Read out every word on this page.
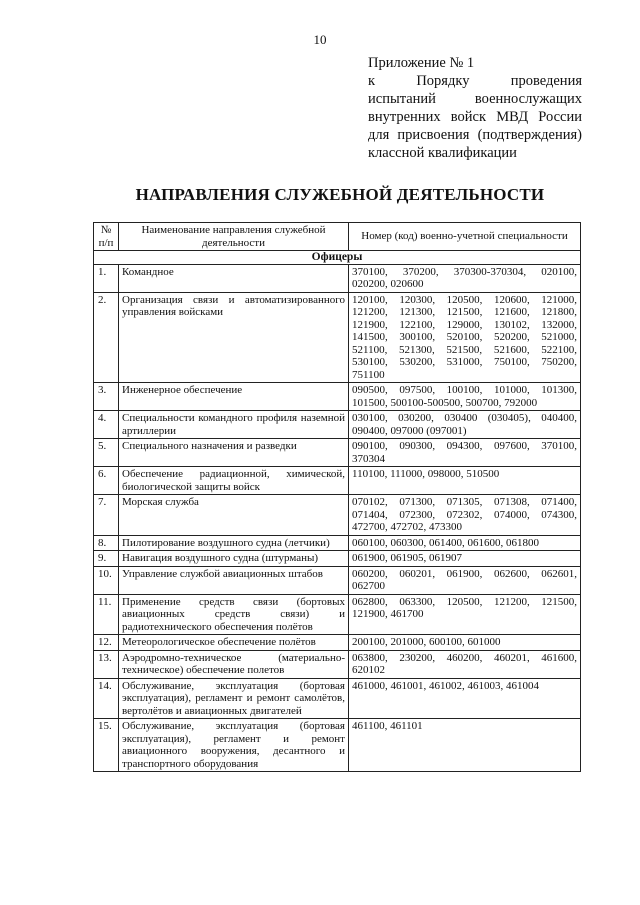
10
Приложение № 1
к Порядку проведения
испытаний военнослужащих
внутренних войск МВД России
для присвоения (подтверждения)
классной квалификации
НАПРАВЛЕНИЯ СЛУЖЕБНОЙ ДЕЯТЕЛЬНОСТИ
№ п/п	Наименование направления служебной деятельности	Номер (код) военно-учетной специальности
Офицеры		
1.	Командное	370100, 370200, 370300-370304, 020100, 020200, 020600
2.	Организация связи и автоматизированного управления войсками	120100, 120300, 120500, 120600, 121000, 121200, 121300, 121500, 121600, 121800, 121900, 122100, 129000, 130102, 132000, 141500, 300100, 520100, 520200, 521000, 521100, 521300, 521500, 521600, 522100, 530100, 530200, 531000, 750100, 750200, 751100
3.	Инженерное обеспечение	090500, 097500, 100100, 101000, 101300, 101500, 500100-500500, 500700, 792000
4.	Специальности командного профиля наземной артиллерии	030100, 030200, 030400 (030405), 040400, 090400, 097000 (097001)
5.	Специального назначения и разведки	090100, 090300, 094300, 097600, 370100, 370304
6.	Обеспечение радиационной, химической, биологической защиты войск	110100, 111000, 098000, 510500
7.	Морская служба	070102, 071300, 071305, 071308, 071400, 071404, 072300, 072302, 074000, 074300, 472700, 472702, 473300
8.	Пилотирование воздушного судна (летчики)	060100, 060300, 061400, 061600, 061800
9.	Навигация воздушного судна (штурманы)	061900, 061905, 061907
10.	Управление службой авиационных штабов	060200, 060201, 061900, 062600, 062601, 062700
11.	Применение средств связи (бортовых авиационных средств связи) и радиотехнического обеспечения полётов	062800, 063300, 120500, 121200, 121500, 121900, 461700
12.	Метеорологическое обеспечение полётов	200100, 201000, 600100, 601000
13.	Аэродромно-техническое (материально-техническое) обеспечение полетов	063800, 230200, 460200, 460201, 461600, 620102
14.	Обслуживание, эксплуатация (бортовая эксплуатация), регламент и ремонт самолётов, вертолётов и авиационных двигателей	461000, 461001, 461002, 461003, 461004
15.	Обслуживание, эксплуатация (бортовая эксплуатация), регламент и ремонт авиационного вооружения, десантного и транспортного оборудования	461100, 461101
